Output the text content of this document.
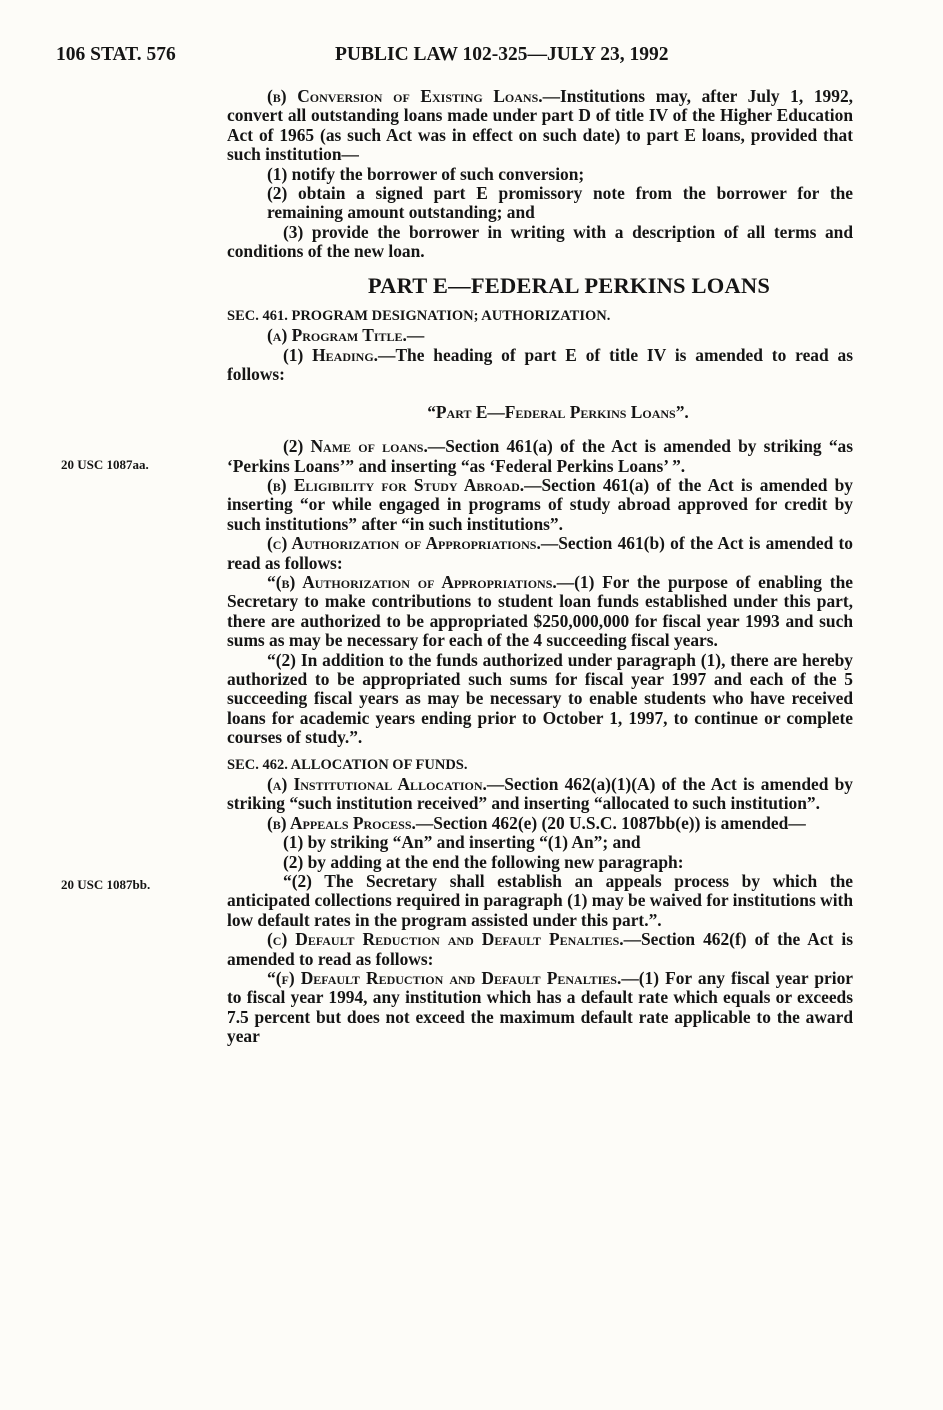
106 STAT. 576	PUBLIC LAW 102-325—JULY 23, 1992
20 USC 1087aa.
20 USC 1087bb.

(b) Conversion of Existing Loans.—Institutions may, after July 1, 1992, convert all outstanding loans made under part D of title IV of the Higher Education Act of 1965 (as such Act was in effect on such date) to part E loans, provided that such institution—

(1) notify the borrower of such conversion;

(2) obtain a signed part E promissory note from the borrower for the remaining amount outstanding; and

(3) provide the borrower in writing with a description of all terms and conditions of the new loan.

PART E—FEDERAL PERKINS LOANS

SEC. 461. PROGRAM DESIGNATION; AUTHORIZATION.

(a) Program Title.—

(1) Heading.—The heading of part E of title IV is amended to read as follows:

“Part E—Federal Perkins Loans”.

(2) Name of loans.—Section 461(a) of the Act is amended by striking “as ‘Perkins Loans’” and inserting “as ‘Federal Perkins Loans’ ”.

(b) Eligibility for Study Abroad.—Section 461(a) of the Act is amended by inserting “or while engaged in programs of study abroad approved for credit by such institutions” after “in such institutions”.

(c) Authorization of Appropriations.—Section 461(b) of the Act is amended to read as follows:

“(b) Authorization of Appropriations.—(1) For the purpose of enabling the Secretary to make contributions to student loan funds established under this part, there are authorized to be appropriated $250,000,000 for fiscal year 1993 and such sums as may be necessary for each of the 4 succeeding fiscal years.

“(2) In addition to the funds authorized under paragraph (1), there are hereby authorized to be appropriated such sums for fiscal year 1997 and each of the 5 succeeding fiscal years as may be necessary to enable students who have received loans for academic years ending prior to October 1, 1997, to continue or complete courses of study.”.

SEC. 462. ALLOCATION OF FUNDS.

(a) Institutional Allocation.—Section 462(a)(1)(A) of the Act is amended by striking “such institution received” and inserting “allocated to such institution”.

(b) Appeals Process.—Section 462(e) (20 U.S.C. 1087bb(e)) is amended—

(1) by striking “An” and inserting “(1) An”; and

(2) by adding at the end the following new paragraph:

“(2) The Secretary shall establish an appeals process by which the anticipated collections required in paragraph (1) may be waived for institutions with low default rates in the program assisted under this part.”.

(c) Default Reduction and Default Penalties.—Section 462(f) of the Act is amended to read as follows:

“(f) Default Reduction and Default Penalties.—(1) For any fiscal year prior to fiscal year 1994, any institution which has a default rate which equals or exceeds 7.5 percent but does not exceed the maximum default rate applicable to the award year
